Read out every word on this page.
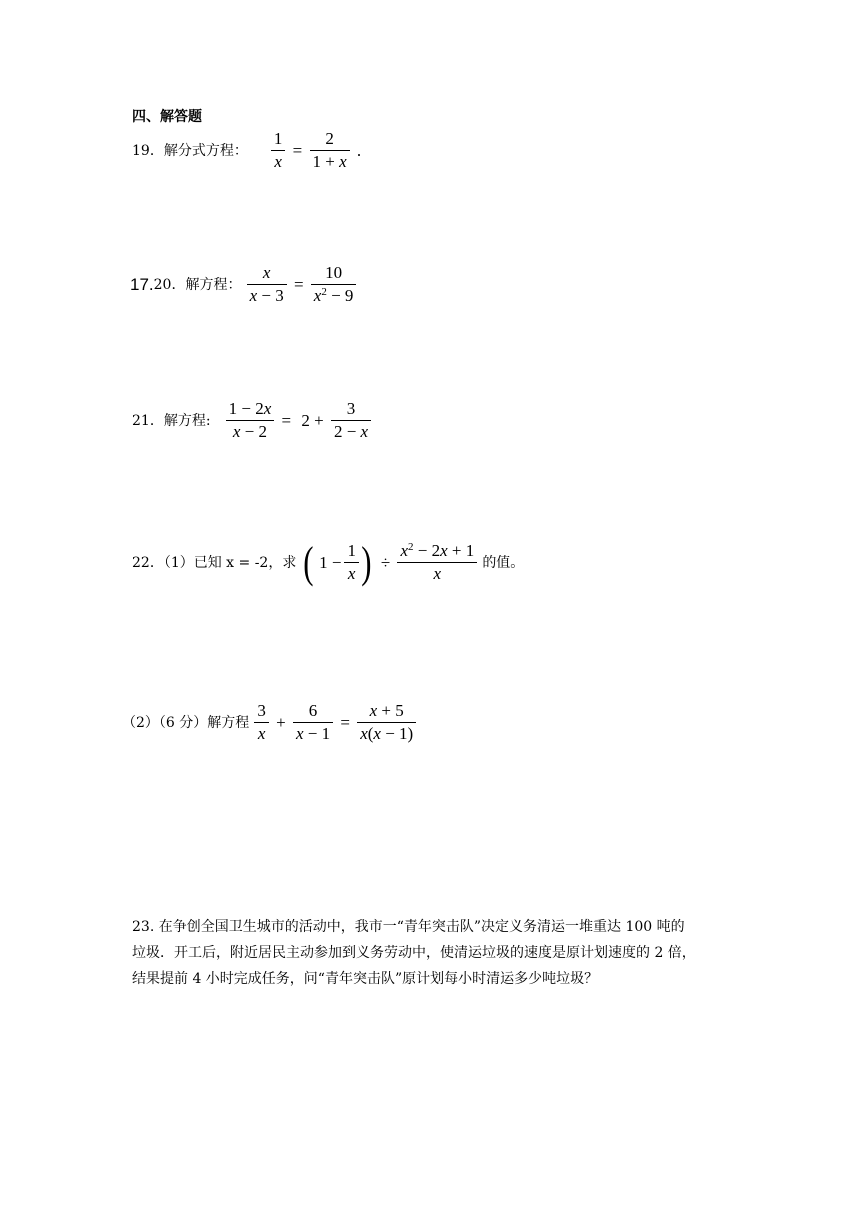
四、解答题
19．解分式方程： $\frac{1}{x} = \frac{2}{1 + x}$ .
17.20．解方程： $\frac{x}{x - 3} = \frac{10}{x^2 - 9}$
21．解方程: $\frac{1 - 2x}{x - 2} = 2 + \frac{3}{2 - x}$
22．（1）已知 x = -2，求 ( $1 - \frac{1}{x}$ ) ÷ $\frac{x^2 - 2x + 1}{x}$ 的值。
（2）（6 分）解方程 $\frac{3}{x} + \frac{6}{x - 1} = \frac{x + 5}{x(x - 1)}$
23. 在争创全国卫生城市的活动中，我市一“青年突击队”决定义务清运一堆重达 100 吨的
垃圾．开工后，附近居民主动参加到义务劳动中，使清运垃圾的速度是原计划速度的 2 倍，
结果提前 4 小时完成任务，问“青年突击队”原计划每小时清运多少吨垃圾？
